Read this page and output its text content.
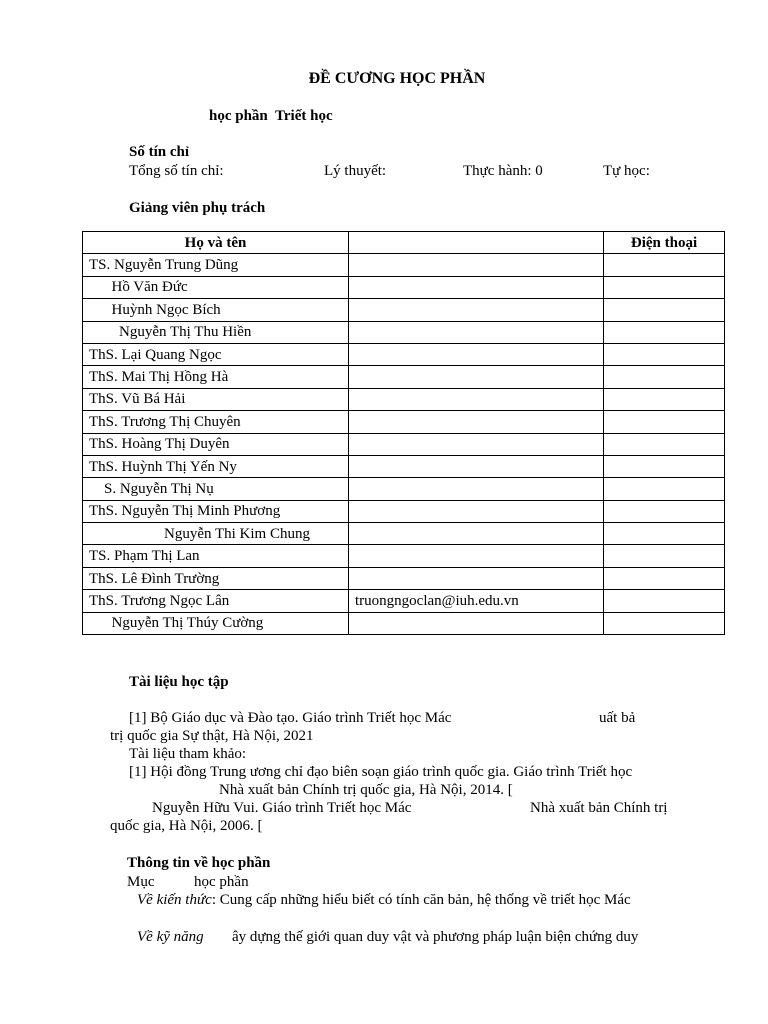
ĐỀ CƯƠNG HỌC PHẦN
học phần  Triết học
Số tín chỉ
Tổng số tín chỉ:	Lý thuyết:	Thực hành: 0	Tự học:
Giảng viên phụ trách
Họ và tên		Điện thoại
TS. Nguyễn Trung Dũng		
Hồ Văn Đức		
Huỳnh Ngọc Bích		
Nguyễn Thị Thu Hiền		
ThS. Lại Quang Ngọc		
ThS. Mai Thị Hồng Hà		
ThS. Vũ Bá Hải		
ThS. Trương Thị Chuyên		
ThS. Hoàng Thị Duyên		
ThS. Huỳnh Thị Yến Ny		
S. Nguyễn Thị Nụ		
ThS. Nguyễn Thị Minh Phương		
Nguyễn Thi Kim Chung		
TS. Phạm Thị Lan		
ThS. Lê Đình Trường		
ThS. Trương Ngọc Lân	truongngoclan@iuh.edu.vn	
Nguyễn Thị Thúy Cường		
Tài liệu học tập
[1] Bộ Giáo dục và Đào tạo. Giáo trình Triết học Mác	uất bả
trị quốc gia Sự thật, Hà Nội, 2021
Tài liệu tham khảo:
[1] Hội đồng Trung ương chỉ đạo biên soạn giáo trình quốc gia. Giáo trình Triết học
Nhà xuất bản Chính trị quốc gia, Hà Nội, 2014. [
Nguyễn Hữu Vui. Giáo trình Triết học Mác	Nhà xuất bản Chính trị
quốc gia, Hà Nội, 2006. [
Thông tin về học phần
Mục	học phần
Về kiến thức: Cung cấp những hiểu biết có tính căn bản, hệ thống về triết học Mác
Về kỹ năng ây dựng thế giới quan duy vật và phương pháp luận biện chứng duy
